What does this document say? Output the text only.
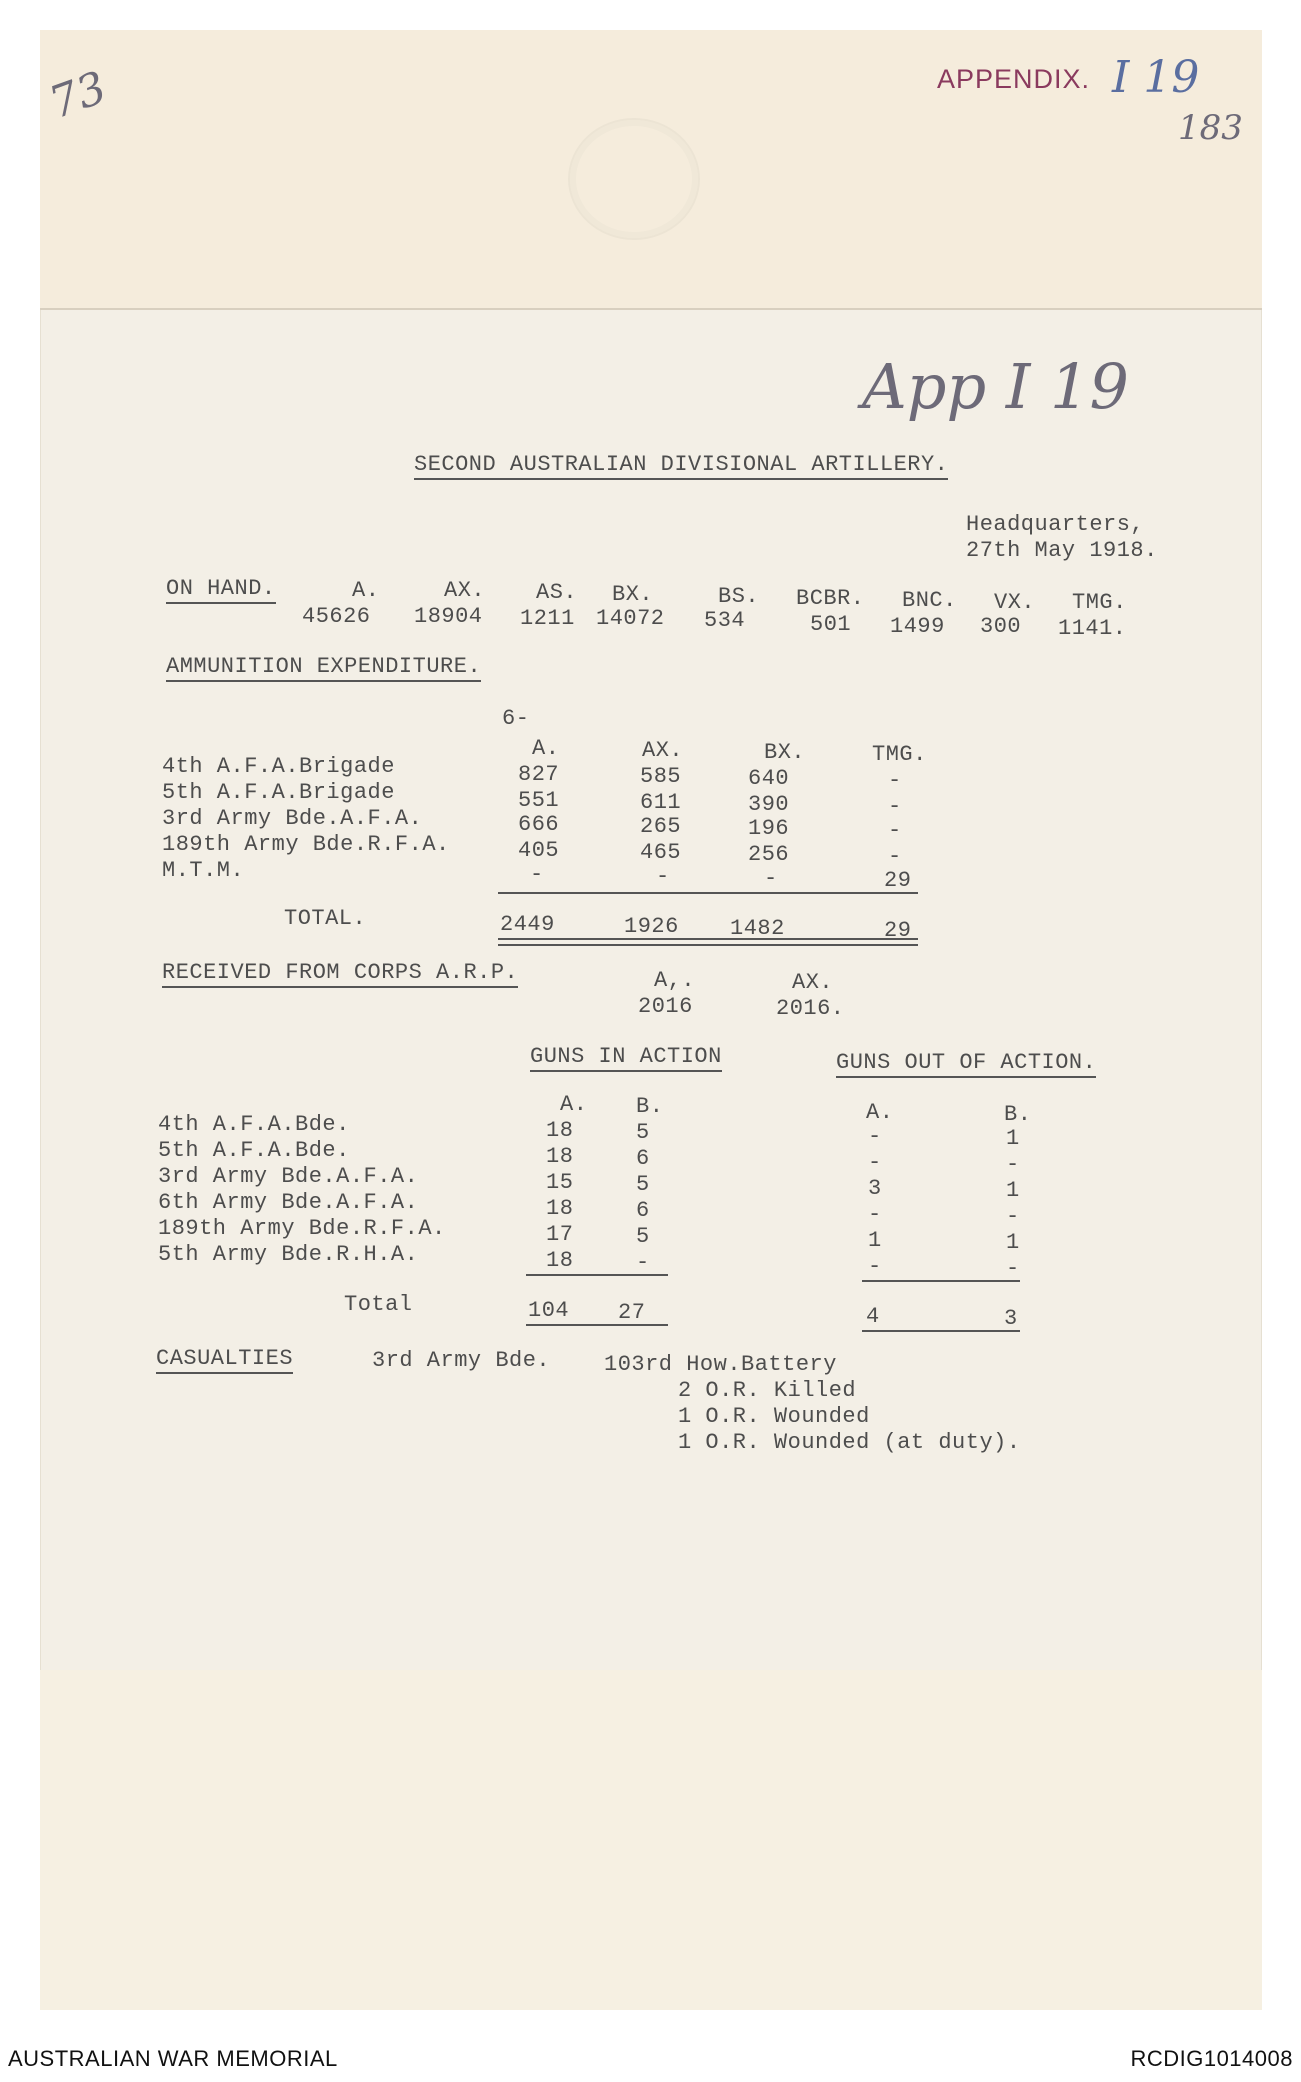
73	APPENDIX. I 19
183
App I 19
SECOND AUSTRALIAN DIVISIONAL ARTILLERY.
Headquarters,
27th May 1918.
ON HAND.	A.	AX. AS. BX.	BS. BCBR. BNC. VX. TMG.
45626 18904 1211 14072 534	501 1499 300 1141.
AMMUNITION EXPENDITURE.
6-
A.	AX.	BX.	TMG.
4th A.F.A.Brigade	827	585	640	-
5th A.F.A.Brigade	551	611	390	-
3rd Army Bde.A.F.A.	666	265	196	-
189th Army Bde.R.F.A.	405	465	256	-
M.T.M.	-	-	-	29
TOTAL.	2449	1926 1482	29
RECEIVED FROM CORPS A.R.P.	A,.	AX.
2016	2016.
GUNS IN ACTION	GUNS OUT OF ACTION.
A. B.	A.	B.
4th A.F.A.Bde.	18	5	-	1
5th A.F.A.Bde.	18	6	-	-
3rd Army Bde.A.F.A.	15	5	3	1
6th Army Bde.A.F.A.	18	6	-	-
189th Army Bde.R.F.A.	17	5	1	1
5th Army Bde.R.H.A.	18	-	-	-
Total	104 27	4	3
CASUALTIES	3rd Army Bde. 103rd How.Battery
2 O.R. Killed
1 O.R. Wounded
1 O.R. Wounded (at duty).
AUSTRALIAN WAR MEMORIAL	RCDIG1014008
